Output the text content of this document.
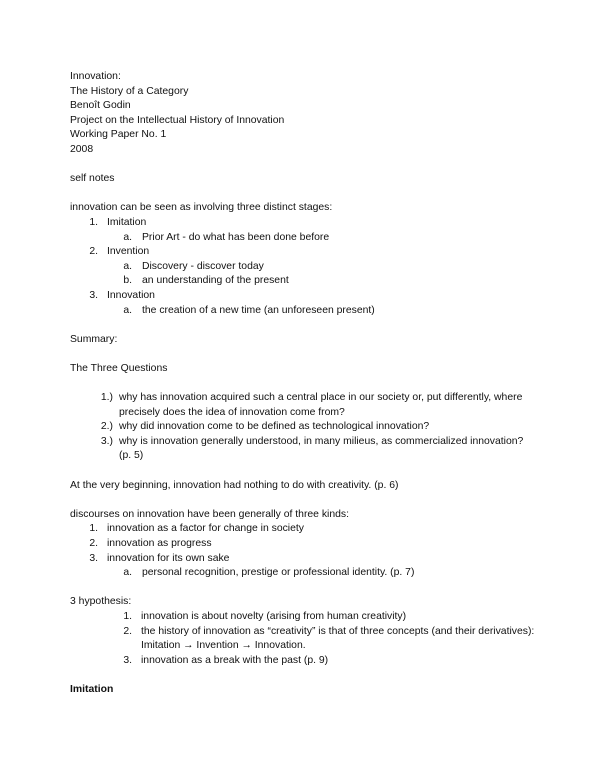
Innovation:
The History of a Category
Benoît Godin
Project on the Intellectual History of Innovation
Working Paper No. 1
2008
self notes
innovation can be seen as involving three distinct stages:
1. Imitation
a. Prior Art - do what has been done before
2. Invention
a. Discovery - discover today
b. an understanding of the present
3. Innovation
a. the creation of a new time (an unforeseen present)
Summary:
The Three Questions
1.) why has innovation acquired such a central place in our society or, put differently, where precisely does the idea of innovation come from?
2.) why did innovation come to be defined as technological innovation?
3.) why is innovation generally understood, in many milieus, as commercialized innovation? (p. 5)
At the very beginning, innovation had nothing to do with creativity. (p. 6)
discourses on innovation have been generally of three kinds:
1. innovation as a factor for change in society
2. innovation as progress
3. innovation for its own sake
a. personal recognition, prestige or professional identity. (p. 7)
3 hypothesis:
1. innovation is about novelty (arising from human creativity)
2. the history of innovation as “creativity” is that of three concepts (and their derivatives): Imitation → Invention → Innovation.
3. innovation as a break with the past (p. 9)
Imitation
